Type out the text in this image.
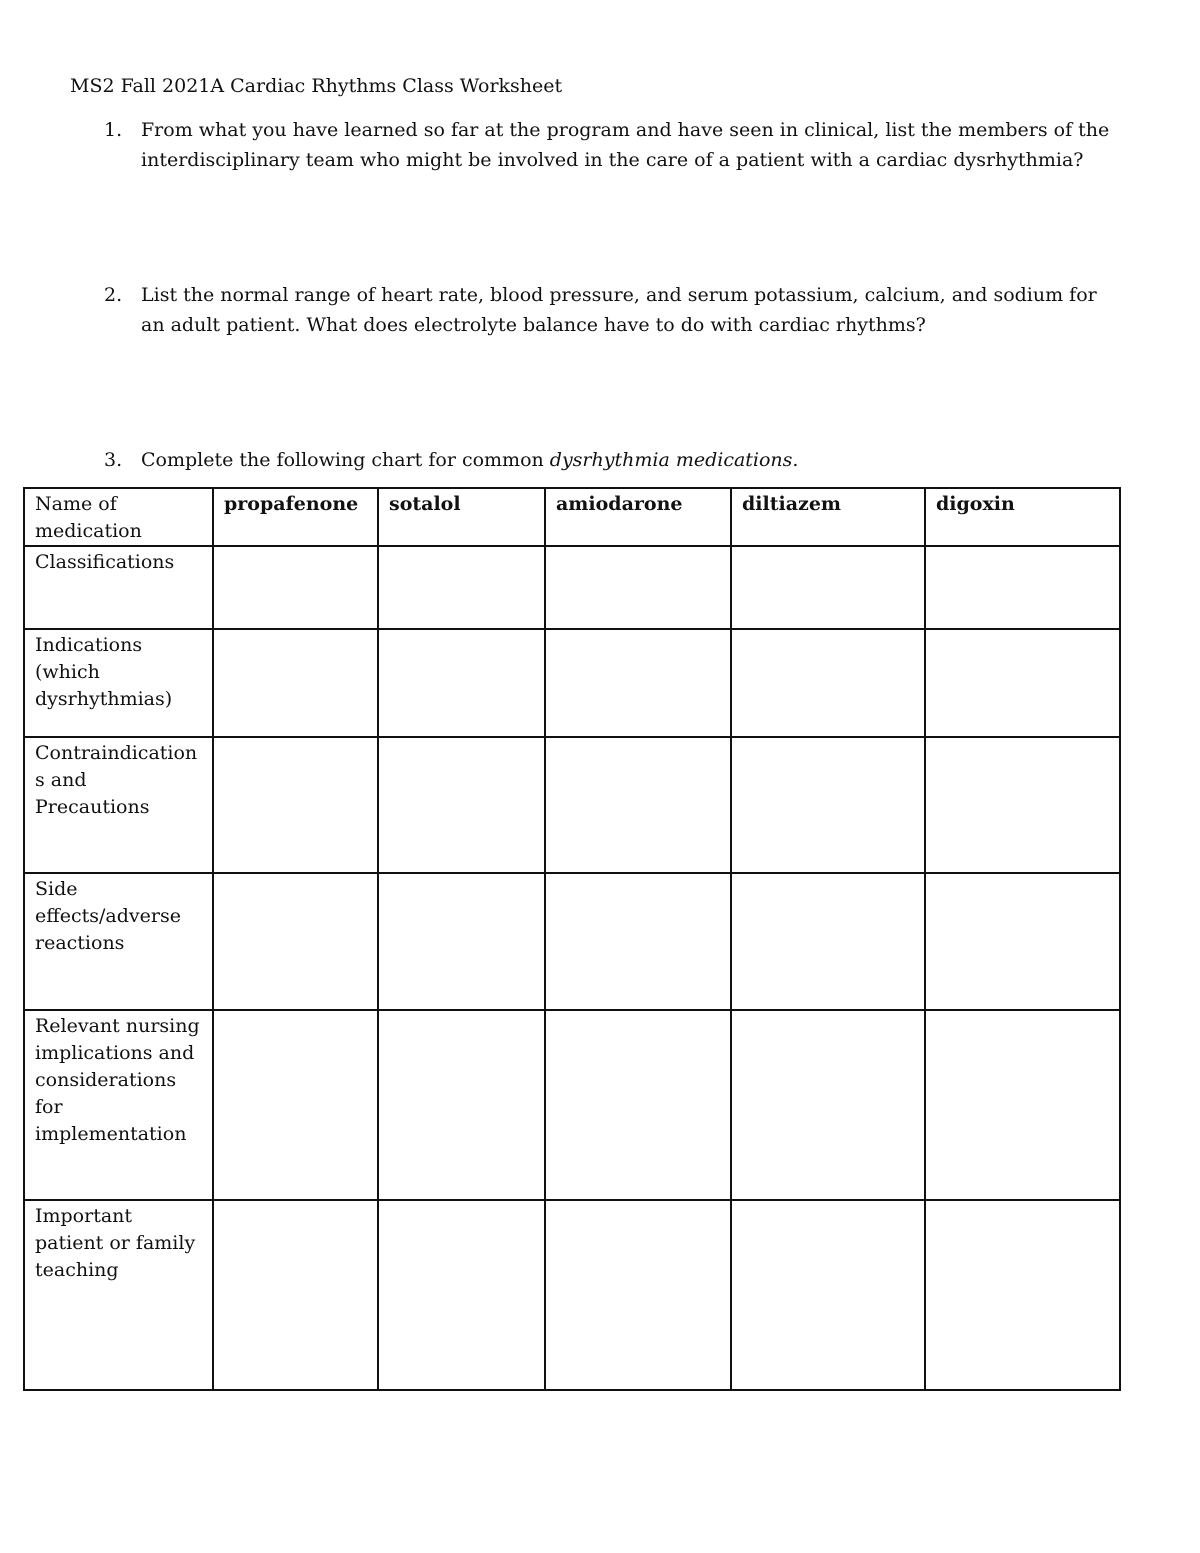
MS2 Fall 2021A Cardiac Rhythms Class Worksheet
1. From what you have learned so far at the program and have seen in clinical, list the members of the interdisciplinary team who might be involved in the care of a patient with a cardiac dysrhythmia?
2. List the normal range of heart rate, blood pressure, and serum potassium, calcium, and sodium for an adult patient. What does electrolyte balance have to do with cardiac rhythms?
3. Complete the following chart for common dysrhythmia medications.
Name of medication	propafenone	sotalol	amiodarone	diltiazem	digoxin
Classifications					
Indications (which dysrhythmias)					
Contraindications and Precautions					
Side effects/adverse reactions					
Relevant nursing implications and considerations for implementation					
Important patient or family teaching					
